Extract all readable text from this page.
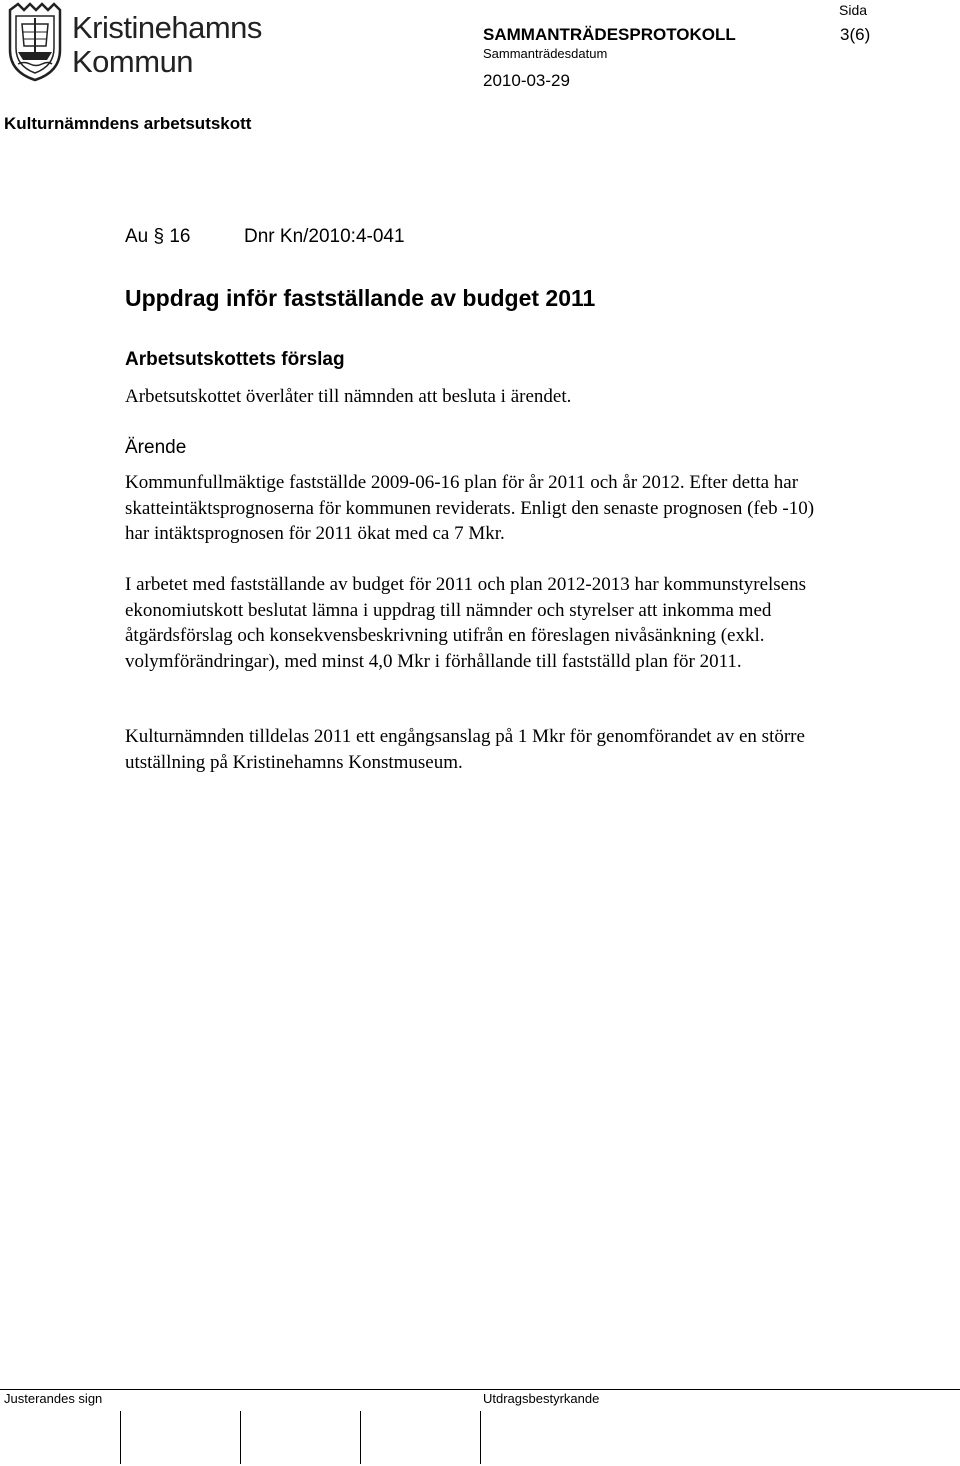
Kristinehamns
Kommun
Sida
3(6)
SAMMANTRÄDESPROTOKOLL
Sammanträdesdatum
2010-03-29
Kulturnämndens arbetsutskott
Au § 16	Dnr Kn/2010:4-041
Uppdrag inför fastställande av budget 2011
Arbetsutskottets förslag
Arbetsutskottet överlåter till nämnden att besluta i ärendet.
Ärende
Kommunfullmäktige fastställde 2009-06-16 plan för år 2011 och år 2012. Efter detta har skatteintäktsprognoserna för kommunen reviderats. Enligt den senaste prognosen (feb -10) har intäktsprognosen för 2011 ökat med ca 7 Mkr.
I arbetet med fastställande av budget för 2011 och plan 2012-2013 har kommunstyrelsens ekonomiutskott beslutat lämna i uppdrag till nämnder och styrelser att inkomma med åtgärdsförslag och konsekvensbeskrivning utifrån en föreslagen nivåsänkning (exkl. volymförändringar), med minst 4,0 Mkr i förhållande till fastställd plan för 2011.
Kulturnämnden tilldelas 2011 ett engångsanslag på 1 Mkr för genomförandet av en större utställning på Kristinehamns Konstmuseum.
Justerandes sign	Utdragsbestyrkande
